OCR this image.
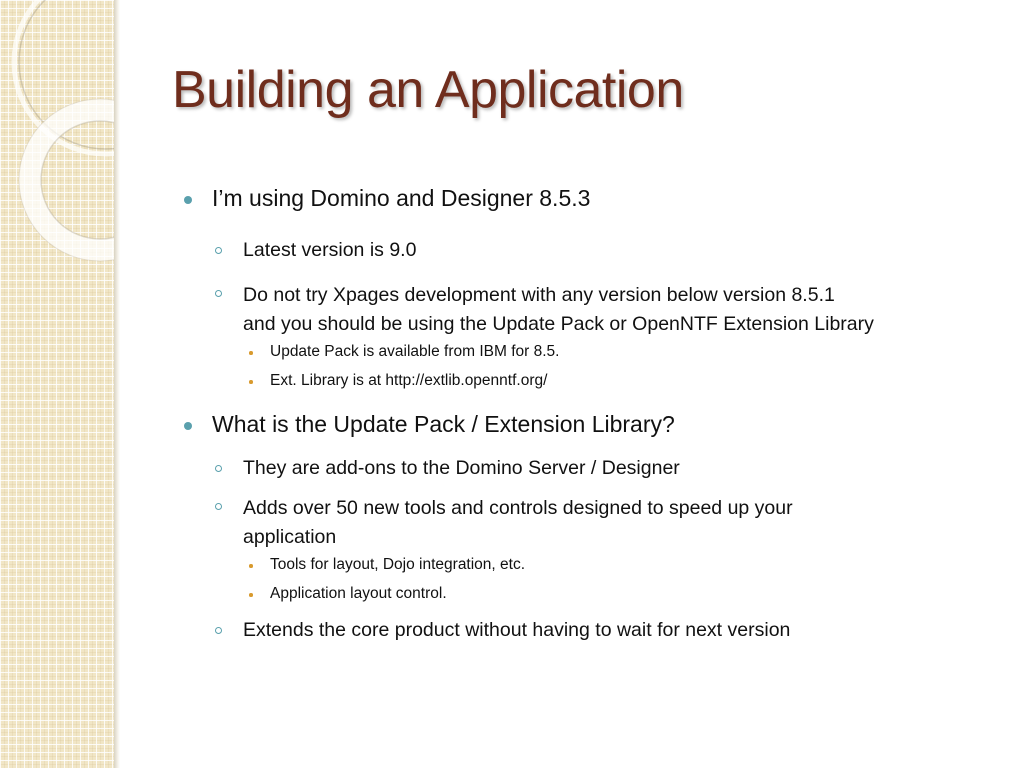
Building an Application
I’m using Domino and Designer 8.5.3
Latest version is 9.0
Do not try Xpages development with any version below version 8.5.1
and you should be using the Update Pack or OpenNTF Extension Library
Update Pack is available from IBM for 8.5.
Ext. Library is at http://extlib.openntf.org/
What is the Update Pack / Extension Library?
They are add-ons to the Domino Server / Designer
Adds over 50 new tools and controls designed to speed up your
application
Tools for layout, Dojo integration, etc.
Application layout control.
Extends the core product without having to wait for next version
